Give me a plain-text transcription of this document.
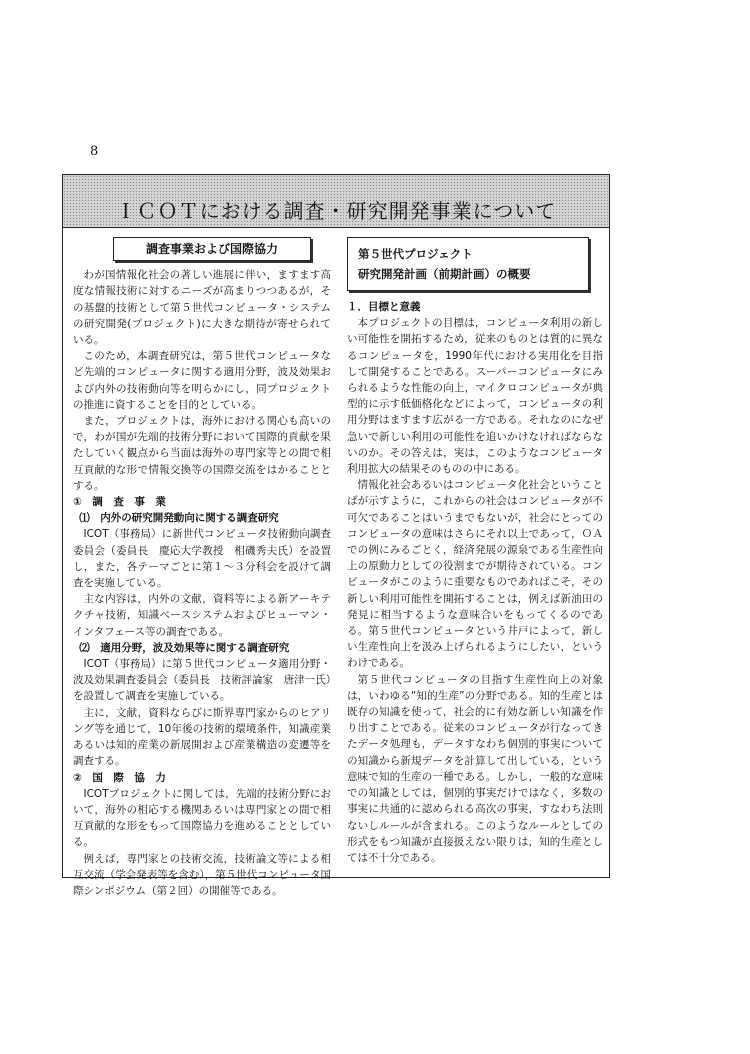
8
ＩＣＯＴにおける調査・研究開発事業について
調査事業および国際協力

わが国情報化社会の著しい進展に伴い，ますます高度な情報技術に対するニーズが高まりつつあるが，その基盤的技術として第５世代コンピュータ・システムの研究開発(プロジェクト)に大きな期待が寄せられている。

このため，本調査研究は，第５世代コンピュータなど先端的コンピュータに関する適用分野，波及効果および内外の技術動向等を明らかにし，同プロジェクトの推進に資することを目的としている。

また，プロジェクトは，海外における関心も高いので，わが国が先端的技術分野において国際的貢献を果たしていく観点から当面は海外の専門家等との間で相互貢献的な形で情報交換等の国際交流をはかることとする。

①　調　査　事　業

⑴　内外の研究開発動向に関する調査研究

ICOT（事務局）に新世代コンピュータ技術動向調査委員会（委員長　慶応大学教授　相磯秀夫氏）を設置し，また，各テーマごとに第１～３分科会を設けて調査を実施している。

主な内容は，内外の文献，資料等による新アーキテクチャ技術，知識ベースシステムおよびヒューマン・インタフェース等の調査である。

⑵　適用分野，波及効果等に関する調査研究

ICOT（事務局）に第５世代コンピュータ適用分野・波及効果調査委員会（委員長　技術評論家　唐津一氏）を設置して調査を実施している。

主に，文献，資料ならびに斯界専門家からのヒアリング等を通じて，10年後の技術的環境条件，知識産業あるいは知的産業の新展開および産業構造の変遷等を調査する。

②　国　際　協　力

ICOTプロジェクトに関しては，先端的技術分野において，海外の相応する機関あるいは専門家との間で相互貢献的な形をもって国際協力を進めることとしている。

例えば，専門家との技術交流，技術論文等による相互交流（学会発表等を含む），第５世代コンピュータ国際シンポジウム（第２回）の開催等である。

第５世代プロジェクト
研究開発計画（前期計画）の概要

１．目標と意義

本プロジェクトの目標は，コンピュータ利用の新しい可能性を開拓するため，従来のものとは質的に異なるコンピュータを，1990年代における実用化を目指して開発することである。スーパーコンピュータにみられるような性能の向上，マイクロコンピュータが典型的に示す低価格化などによって，コンピュータの利用分野はますます広がる一方である。それなのになぜ急いで新しい利用の可能性を追いかけなければならないのか。その答えは，実は，このようなコンピュータ利用拡大の結果そのものの中にある。

情報化社会あるいはコンピュータ化社会ということばが示すように，これからの社会はコンピュータが不可欠であることはいうまでもないが，社会にとってのコンピュータの意味はさらにそれ以上であって，ＯＡでの例にみるごとく，経済発展の源泉である生産性向上の原動力としての役割までが期待されている。コンピュータがこのように重要なものであればこそ，その新しい利用可能性を開拓することは，例えば新油田の発見に相当するような意味合いをもってくるのである。第５世代コンピュータという井戸によって，新しい生産性向上を汲み上げられるようにしたい，というわけである。

第５世代コンピュータの目指す生産性向上の対象は，いわゆる“知的生産”の分野である。知的生産とは既存の知識を使って，社会的に有効な新しい知識を作り出すことである。従来のコンピュータが行なってきたデータ処理も，データすなわち個別的事実についての知識から新規データを計算して出している，という意味で知的生産の一種である。しかし，一般的な意味での知識としては，個別的事実だけではなく，多数の事実に共通的に認められる高次の事実，すなわち法則ないしルールが含まれる。このようなルールとしての形式をもつ知識が直接扱えない限りは，知的生産としては不十分である。
